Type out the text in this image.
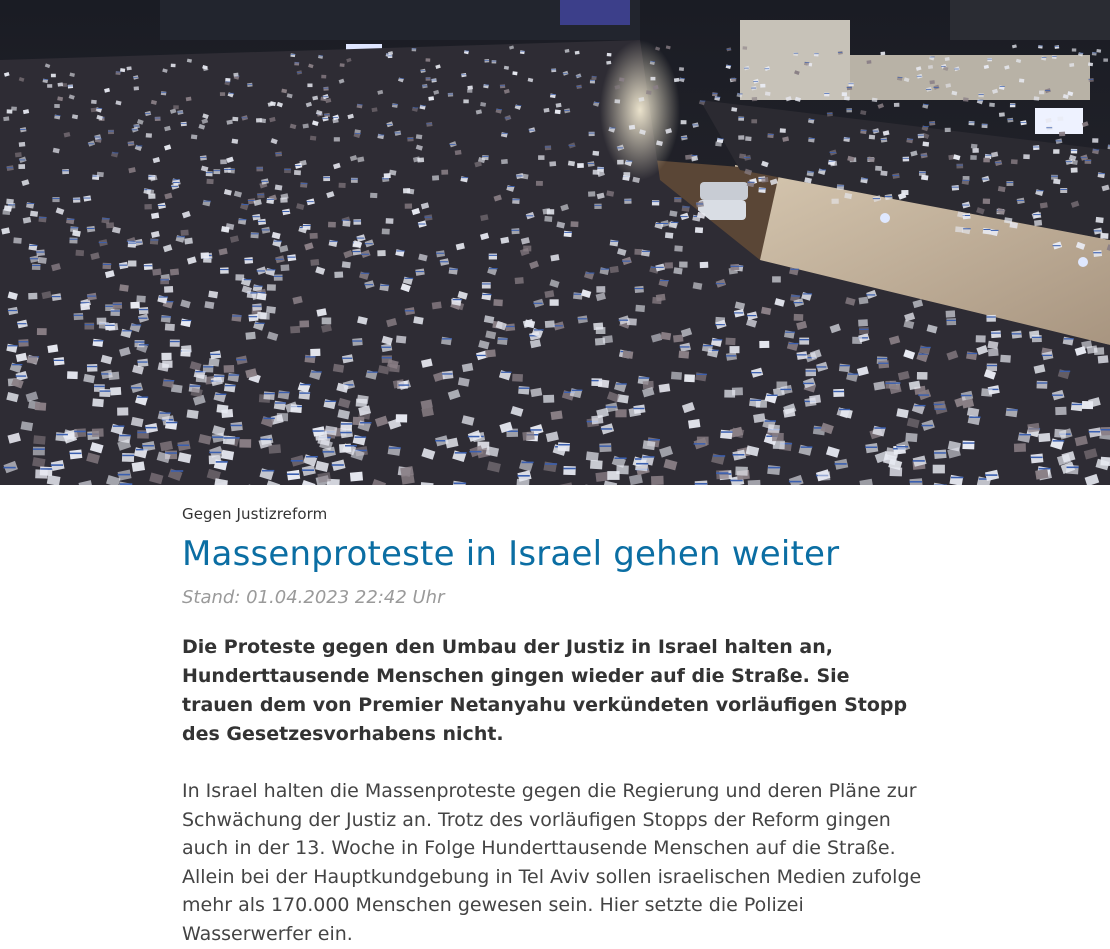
Gegen Justizreform

Massenproteste in Israel gehen weiter

Stand: 01.04.2023 22:42 Uhr

Die Proteste gegen den Umbau der Justiz in Israel halten an, Hunderttausende Menschen gingen wieder auf die Straße. Sie trauen dem von Premier Netanyahu verkündeten vorläufigen Stopp des Gesetzesvorhabens nicht.

In Israel halten die Massenproteste gegen die Regierung und deren Pläne zur Schwächung der Justiz an. Trotz des vorläufigen Stopps der Reform gingen auch in der 13. Woche in Folge Hunderttausende Menschen auf die Straße. Allein bei der Hauptkundgebung in Tel Aviv sollen israelischen Medien zufolge mehr als 170.000 Menschen gewesen sein. Hier setzte die Polizei Wasserwerfer ein.
